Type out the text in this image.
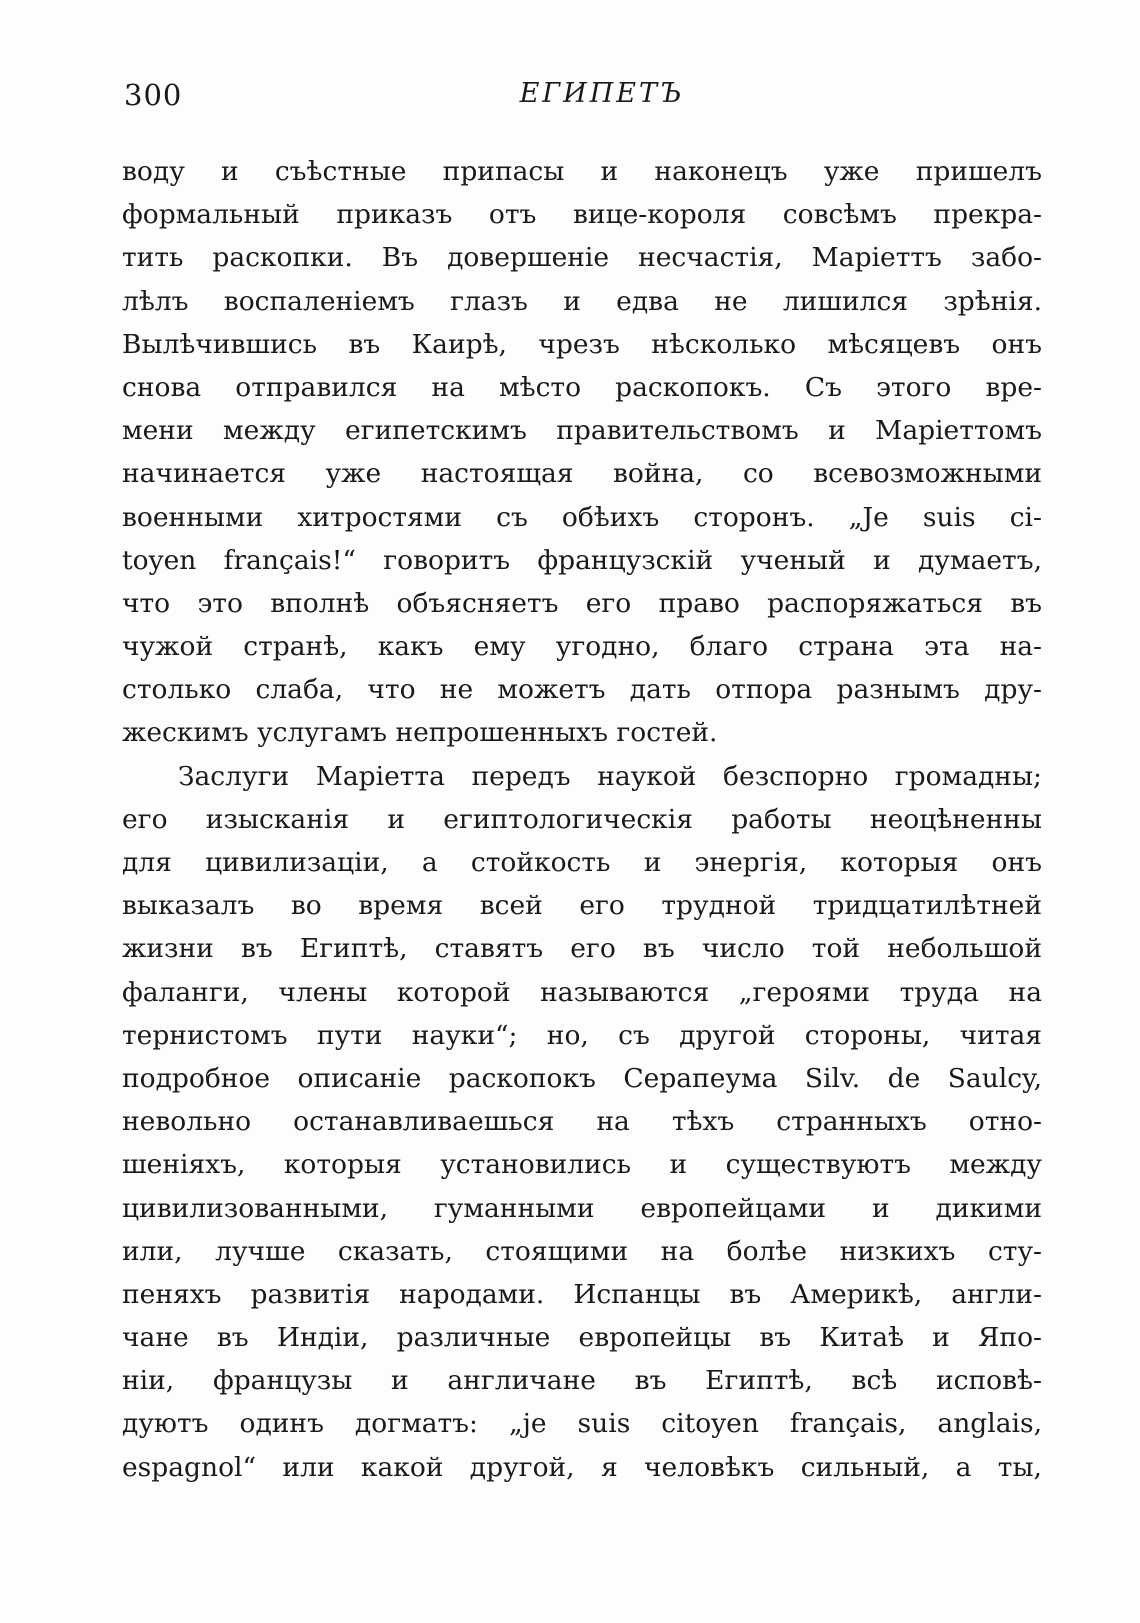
300	ЕГИПЕТЪ
воду и съѣстные припасы и наконецъ уже пришелъ
формальный приказъ отъ вице-короля совсѣмъ прекра-
тить раскопки. Въ довершеніе несчастія, Маріеттъ забо-
лѣлъ воспаленіемъ глазъ и едва не лишился зрѣнія.
Вылѣчившись въ Каирѣ, чрезъ нѣсколько мѣсяцевъ онъ
снова отправился на мѣсто раскопокъ. Съ этого вре-
мени между египетскимъ правительствомъ и Маріеттомъ
начинается уже настоящая война, со всевозможными
военными хитростями съ обѣихъ сторонъ. „Je suis ci-
toyen français!“ говоритъ французскій ученый и думаетъ,
что это вполнѣ объясняетъ его право распоряжаться въ
чужой странѣ, какъ ему угодно, благо страна эта на-
столько слаба, что не можетъ дать отпора разнымъ дру-
жескимъ услугамъ непрошенныхъ гостей.
Заслуги Маріетта передъ наукой безспорно громадны;
его изысканія и египтологическія работы неоцѣненны
для цивилизаціи, а стойкость и энергія, которыя онъ
выказалъ во время всей его трудной тридцатилѣтней
жизни въ Египтѣ, ставятъ его въ число той небольшой
фаланги, члены которой называются „героями труда на
тернистомъ пути науки“; но, съ другой стороны, читая
подробное описаніе раскопокъ Серапеума Silv. de Saulcy,
невольно останавливаешься на тѣхъ странныхъ отно-
шеніяхъ, которыя установились и существуютъ между
цивилизованными, гуманными европейцами и дикими
или, лучше сказать, стоящими на болѣе низкихъ сту-
пеняхъ развитія народами. Испанцы въ Америкѣ, англи-
чане въ Индіи, различные европейцы въ Китаѣ и Япо-
ніи, французы и англичане въ Египтѣ, всѣ исповѣ-
дуютъ одинъ догматъ: „je suis citoyen français, anglais,
espagnol“ или какой другой, я человѣкъ сильный, а ты,
